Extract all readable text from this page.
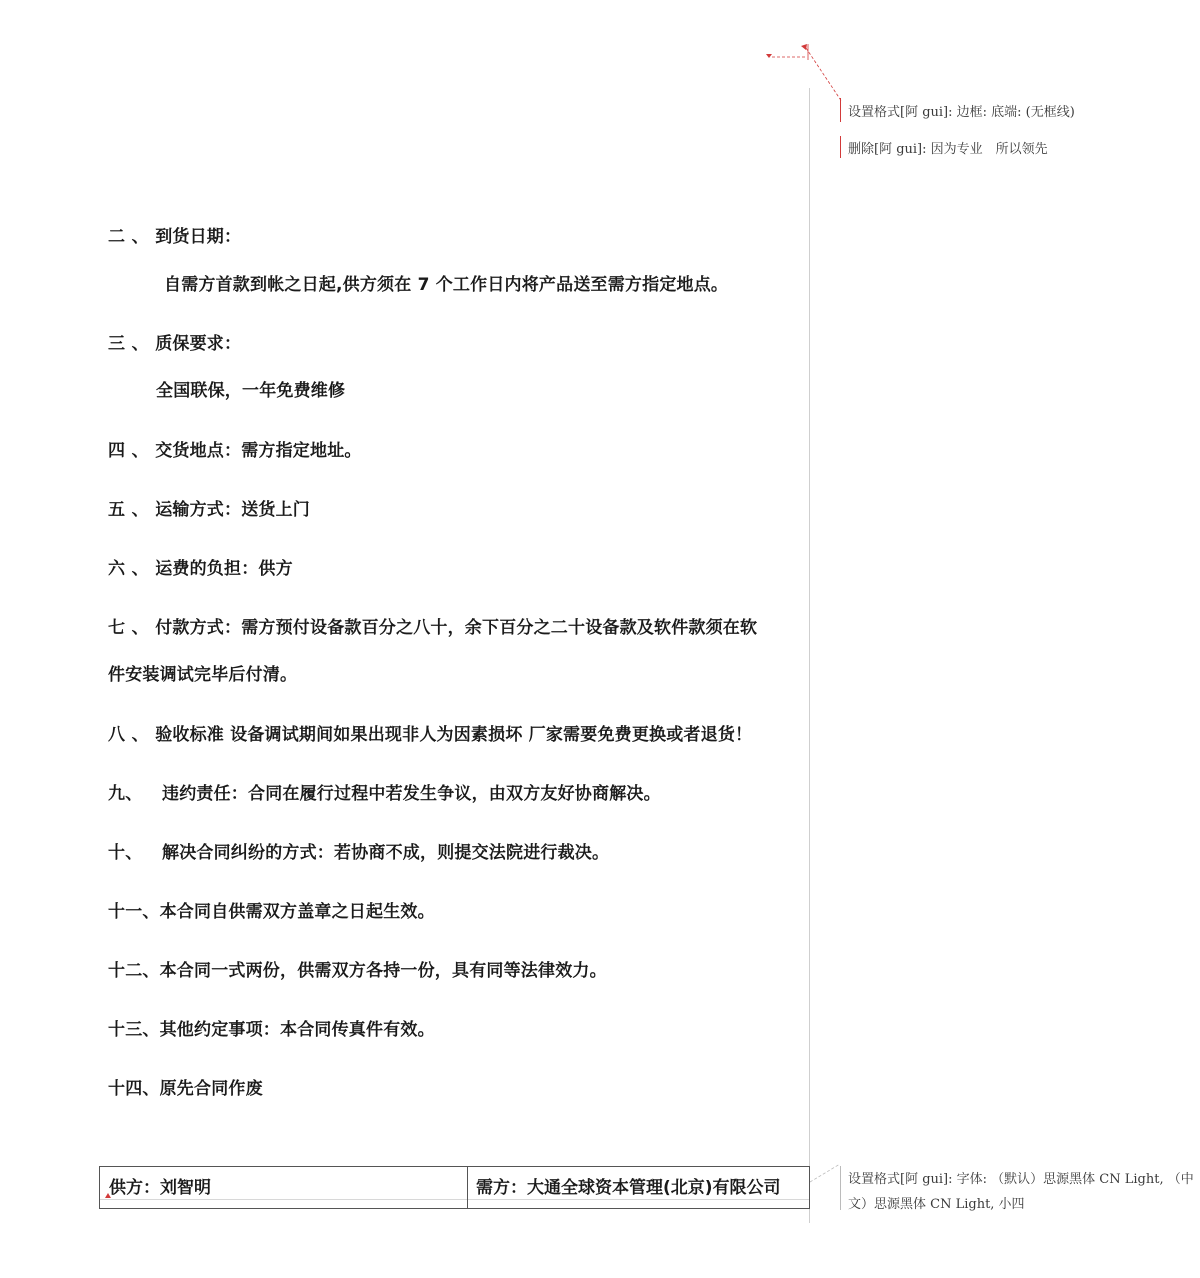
二 、 到货日期：
自需方首款到帐之日起,供方须在 7 个工作日内将产品送至需方指定地点。
三 、 质保要求：
全国联保，一年免费维修
四 、 交货地点：需方指定地址。
五 、 运输方式：送货上门
六 、 运费的负担：供方
七 、 付款方式：需方预付设备款百分之八十，余下百分之二十设备款及软件款须在软
件安装调试完毕后付清。
八 、 验收标准 设备调试期间如果出现非人为因素损坏 厂家需要免费更换或者退货！
九、 违约责任：合同在履行过程中若发生争议，由双方友好协商解决。
十、 解决合同纠纷的方式：若协商不成，则提交法院进行裁决。
十一、本合同自供需双方盖章之日起生效。
十二、本合同一式两份，供需双方各持一份，具有同等法律效力。
十三、其他约定事项：本合同传真件有效。
十四、原先合同作废
供方：刘智明	需方：大通全球资本管理(北京)有限公司
设置格式[阿 gui]: 边框: 底端: (无框线)
删除[阿 gui]: 因为专业　所以领先
设置格式[阿 gui]: 字体: （默认）思源黑体 CN Light, （中
文）思源黑体 CN Light, 小四
